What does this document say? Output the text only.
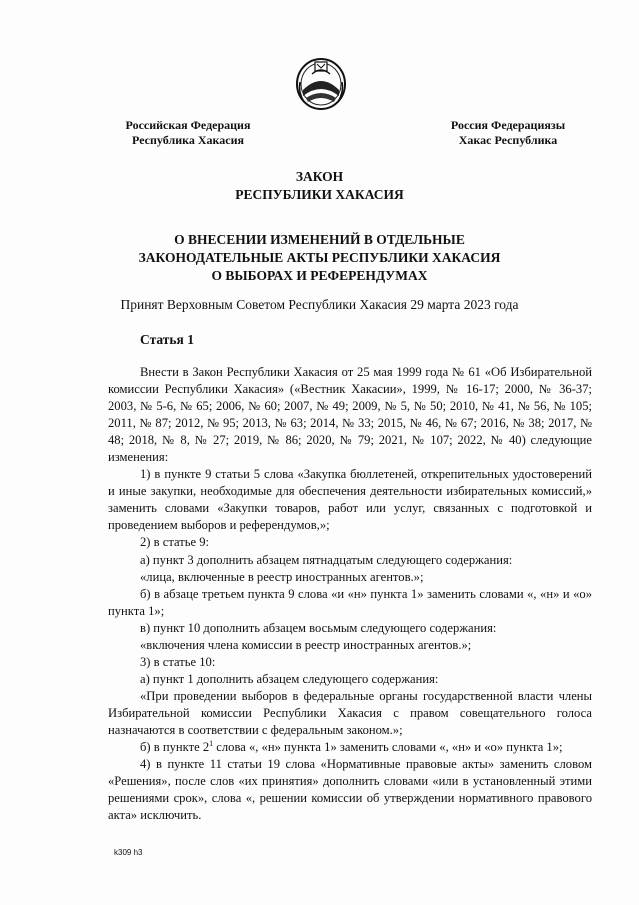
Российская Федерация
Республика Хакасия
Россия Федерациязы
Хакас Республика
ЗАКОН
РЕСПУБЛИКИ ХАКАСИЯ
О ВНЕСЕНИИ ИЗМЕНЕНИЙ В ОТДЕЛЬНЫЕ
ЗАКОНОДАТЕЛЬНЫЕ АКТЫ РЕСПУБЛИКИ ХАКАСИЯ
О ВЫБОРАХ И РЕФЕРЕНДУМАХ
Принят Верховным Советом Республики Хакасия 29 марта 2023 года
Статья 1

Внести в Закон Республики Хакасия от 25 мая 1999 года № 61 «Об Избирательной комиссии Республики Хакасия» («Вестник Хакасии», 1999, № 16-17; 2000, № 36-37; 2003, № 5-6, № 65; 2006, № 60; 2007, № 49; 2009, № 5, № 50; 2010, № 41, № 56, № 105; 2011, № 87; 2012, № 95; 2013, № 63; 2014, № 33; 2015, № 46, № 67; 2016, № 38; 2017, № 48; 2018, № 8, № 27; 2019, № 86; 2020, № 79; 2021, № 107; 2022, № 40) следующие изменения:

1) в пункте 9 статьи 5 слова «Закупка бюллетеней, открепительных удостоверений и иные закупки, необходимые для обеспечения деятельности избирательных комиссий,» заменить словами «Закупки товаров, работ или услуг, связанных с подготовкой и проведением выборов и референдумов,»;

2) в статье 9:

а) пункт 3 дополнить абзацем пятнадцатым следующего содержания:

«лица, включенные в реестр иностранных агентов.»;

б) в абзаце третьем пункта 9 слова «и «н» пункта 1» заменить словами «, «н» и «о» пункта 1»;

в) пункт 10 дополнить абзацем восьмым следующего содержания:

«включения члена комиссии в реестр иностранных агентов.»;

3) в статье 10:

а) пункт 1 дополнить абзацем следующего содержания:

«При проведении выборов в федеральные органы государственной власти члены Избирательной комиссии Республики Хакасия с правом совещательного голоса назначаются в соответствии с федеральным законом.»;

б) в пункте $2^1$ слова «, «н» пункта 1» заменить словами «, «н» и «о» пункта 1»;

4) в пункте 11 статьи 19 слова «Нормативные правовые акты» заменить словом «Решения», после слов «их принятия» дополнить словами «или в установленный этими решениями срок», слова «, решении комиссии об утверждении нормативного правового акта» исключить.

k309 h3
